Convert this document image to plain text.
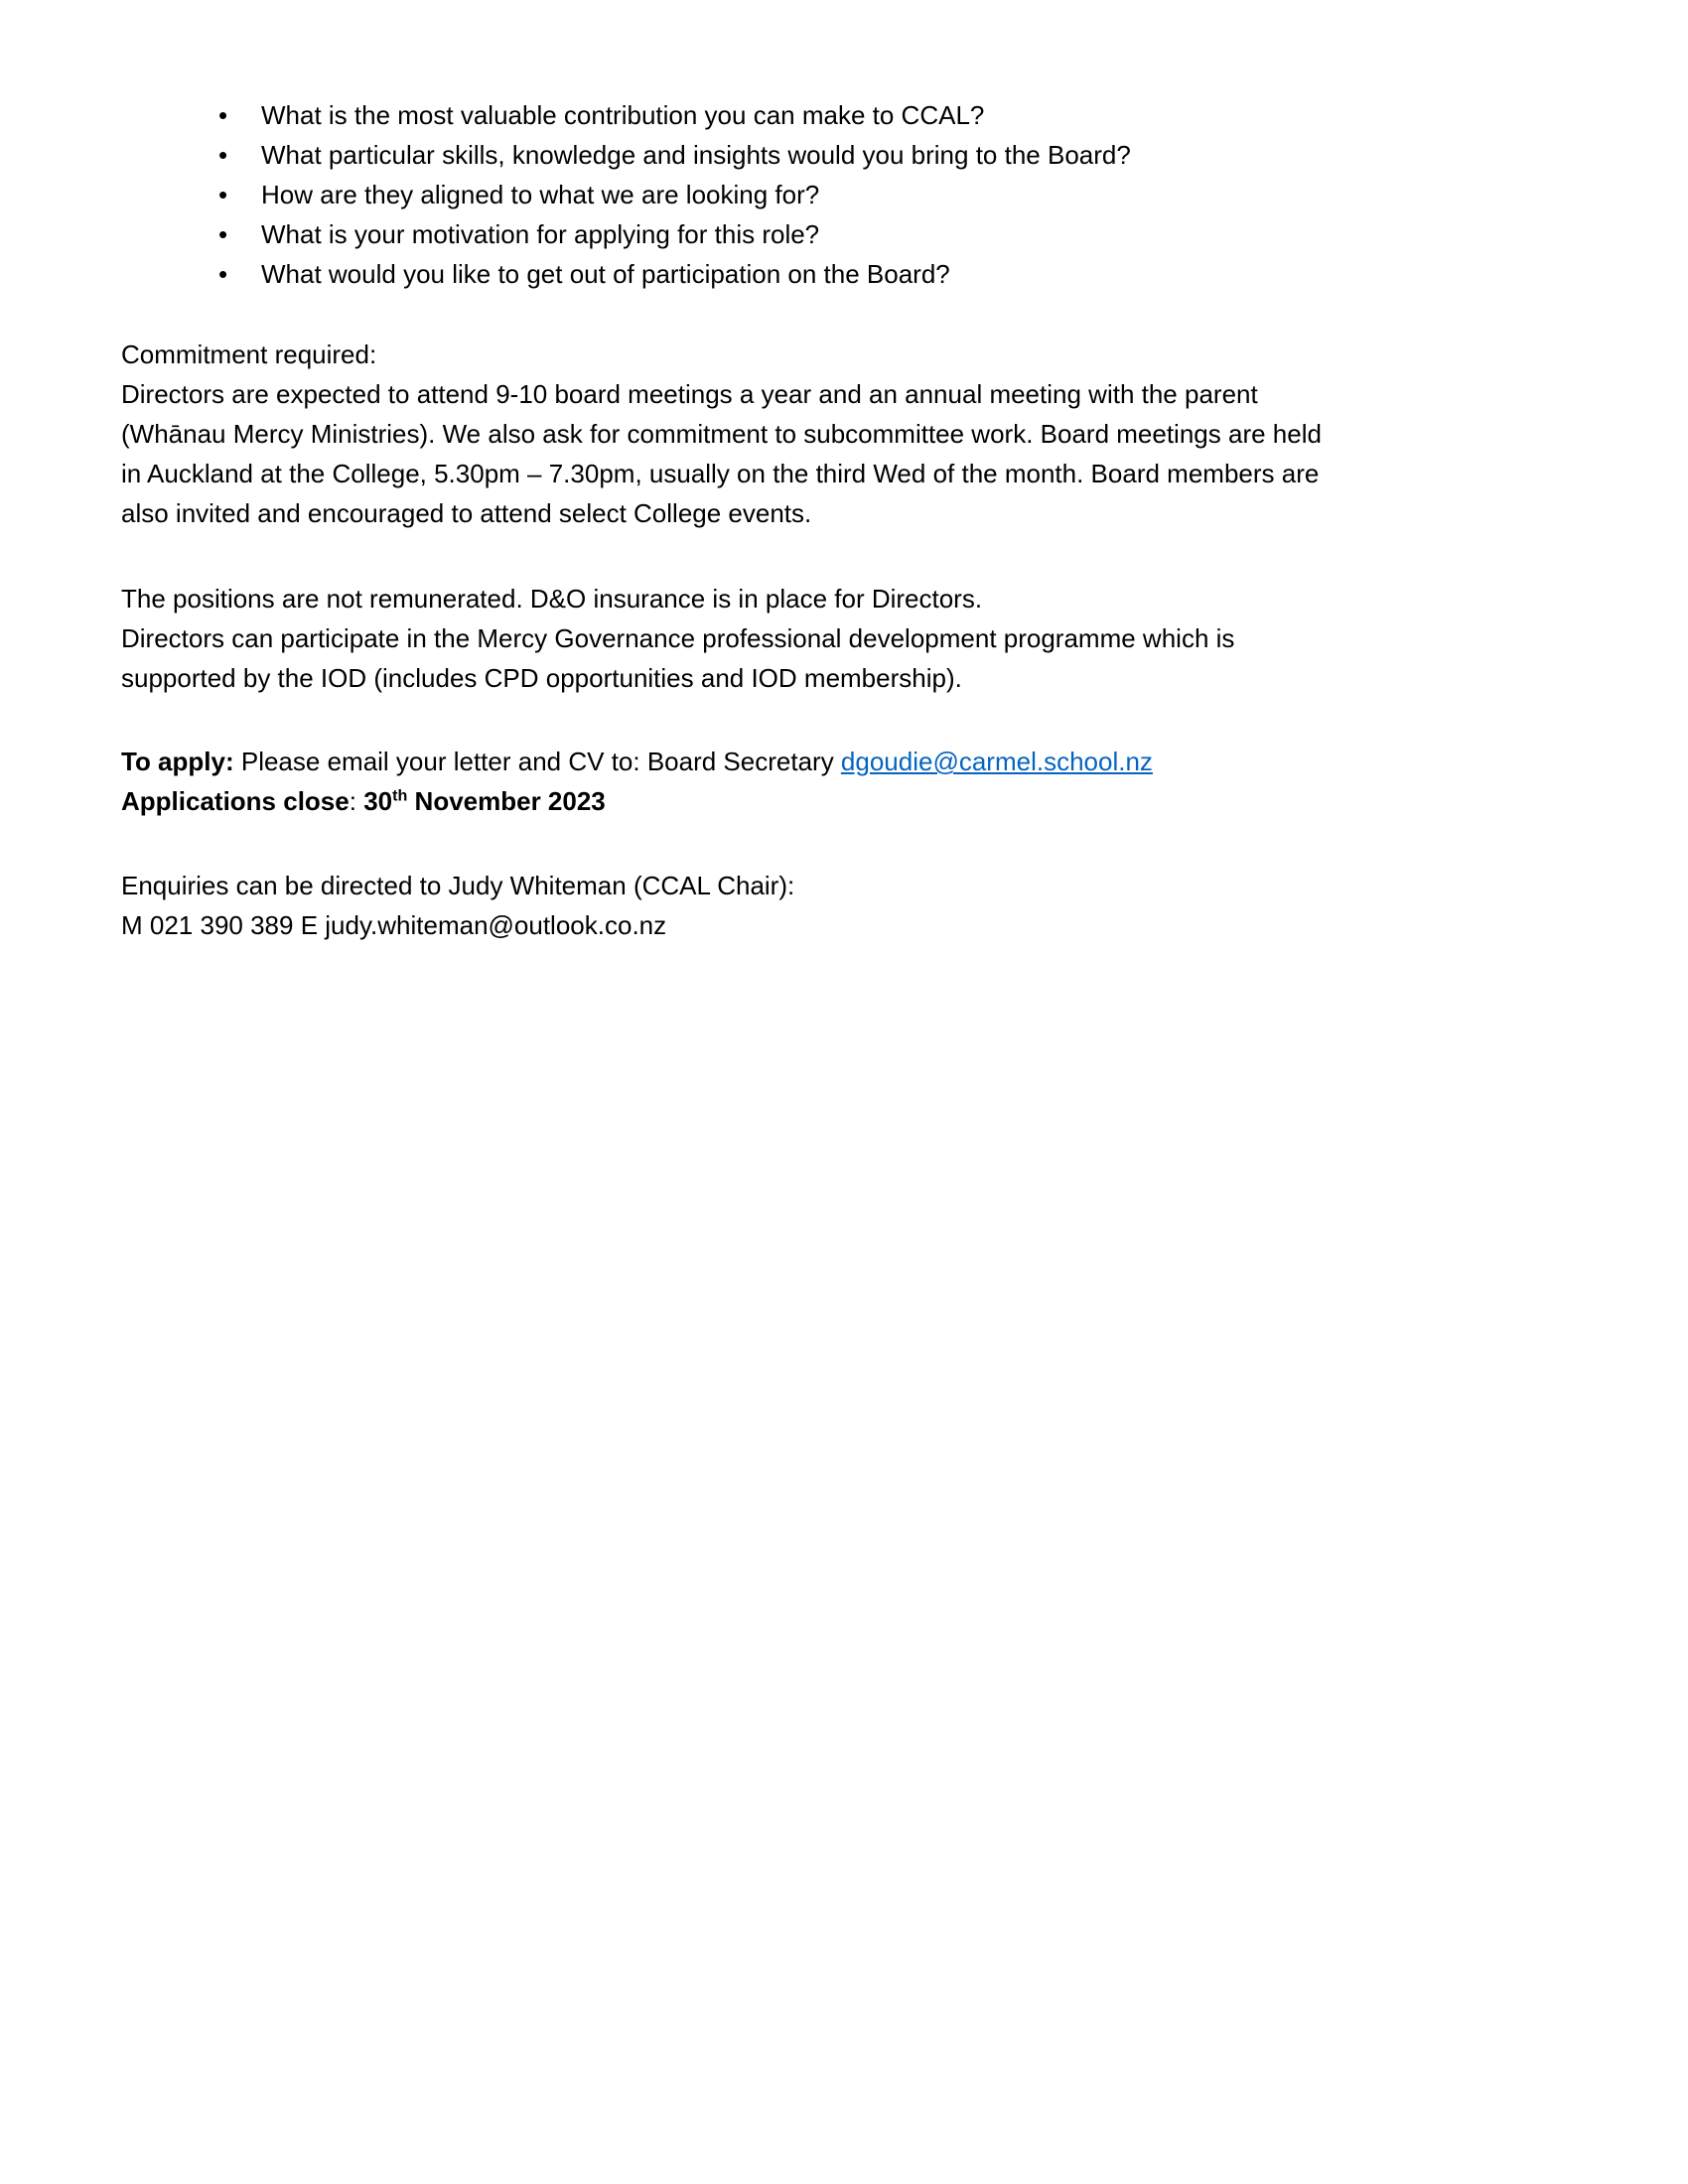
•	What is the most valuable contribution you can make to CCAL?
•	What particular skills, knowledge and insights would you bring to the Board?
•	How are they aligned to what we are looking for?
•	What is your motivation for applying for this role?
•	What would you like to get out of participation on the Board?
Commitment required:
Directors are expected to attend 9-10 board meetings a year and an annual meeting with the parent
(Whānau Mercy Ministries). We also ask for commitment to subcommittee work. Board meetings are held
in Auckland at the College, 5.30pm – 7.30pm, usually on the third Wed of the month. Board members are
also invited and encouraged to attend select College events.
The positions are not remunerated. D&O insurance is in place for Directors.
Directors can participate in the Mercy Governance professional development programme which is
supported by the IOD (includes CPD opportunities and IOD membership).
To apply: Please email your letter and CV to: Board Secretary dgoudie@carmel.school.nz
Applications close: 30th November 2023
Enquiries can be directed to Judy Whiteman (CCAL Chair):
M 021 390 389 E judy.whiteman@outlook.co.nz
